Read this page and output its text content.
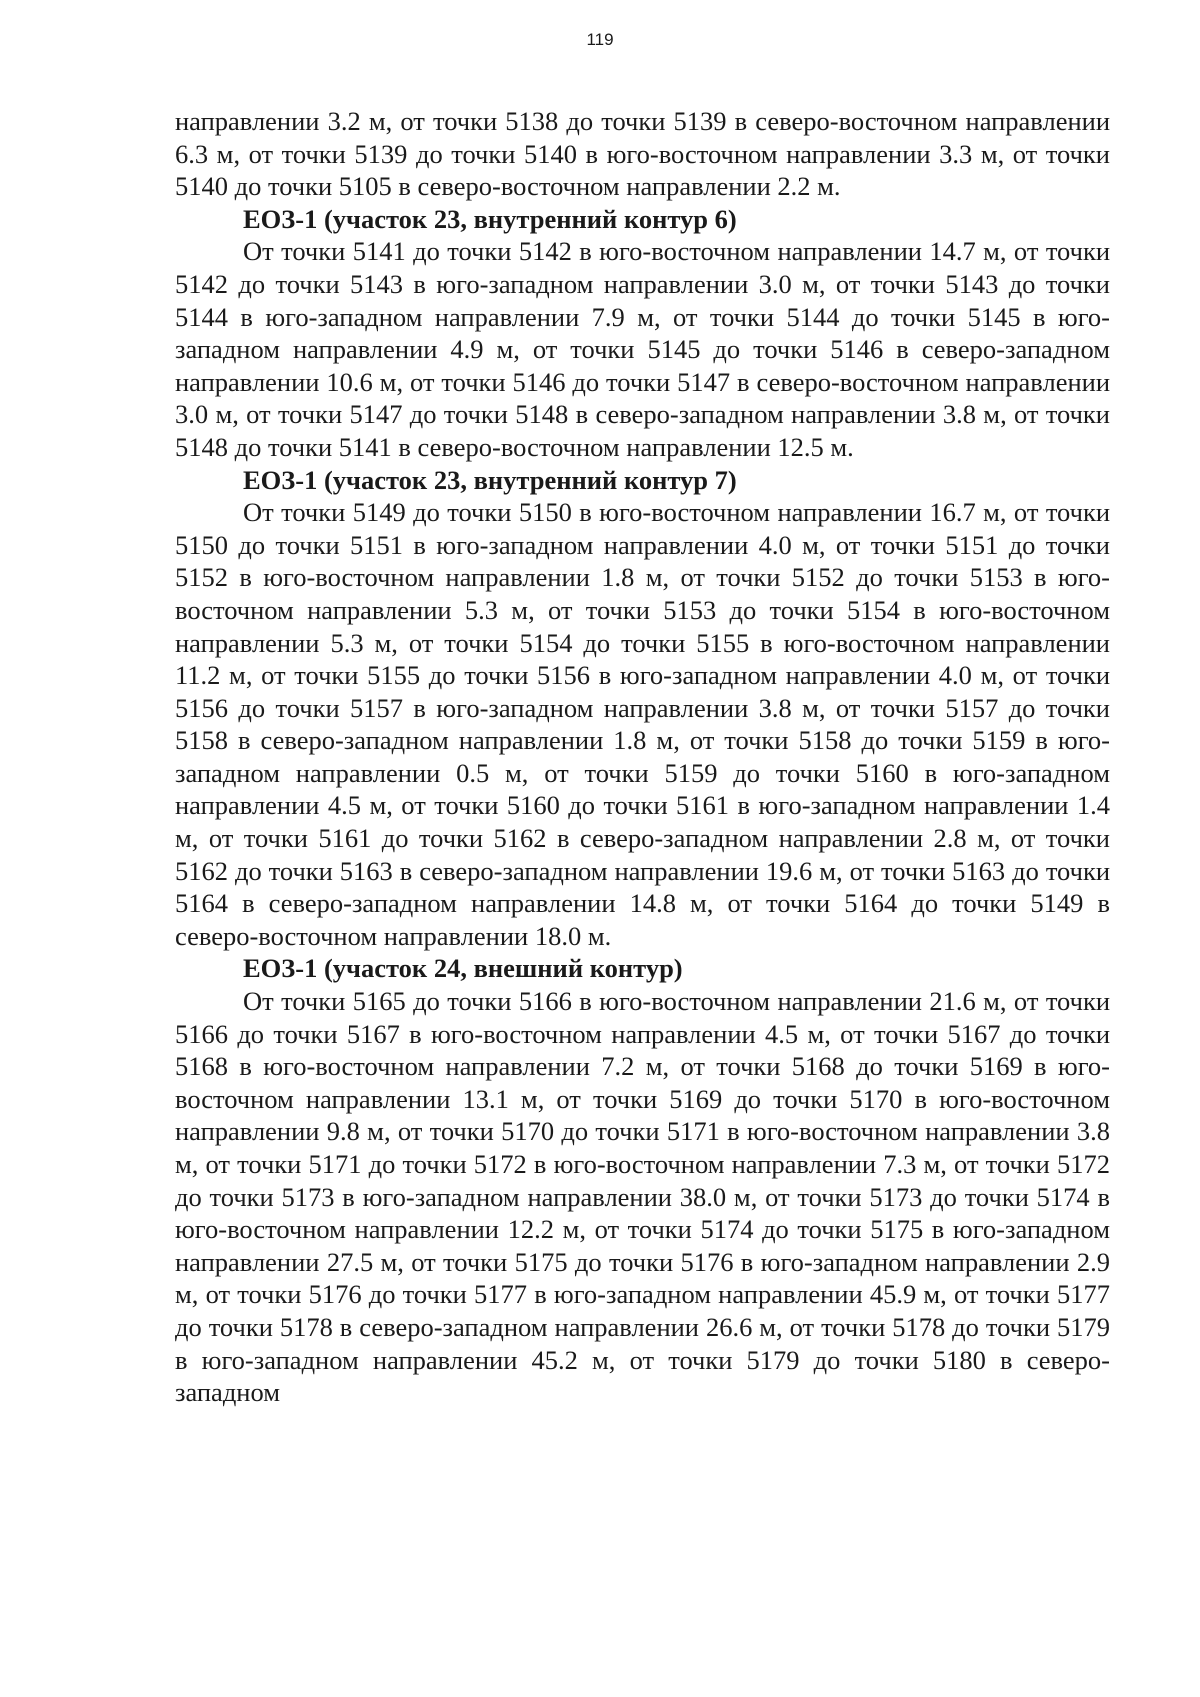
119

направлении 3.2 м, от точки 5138 до точки 5139 в северо-восточном направлении 6.3 м, от точки 5139 до точки 5140 в юго-восточном направлении 3.3 м, от точки 5140 до точки 5105 в северо-восточном направлении 2.2 м.

ЕОЗ-1 (участок 23, внутренний контур 6)

От точки 5141 до точки 5142 в юго-восточном направлении 14.7 м, от точки 5142 до точки 5143 в юго-западном направлении 3.0 м, от точки 5143 до точки 5144 в юго-западном направлении 7.9 м, от точки 5144 до точки 5145 в юго-западном направлении 4.9 м, от точки 5145 до точки 5146 в северо-западном направлении 10.6 м, от точки 5146 до точки 5147 в северо-восточном направлении 3.0 м, от точки 5147 до точки 5148 в северо-западном направлении 3.8 м, от точки 5148 до точки 5141 в северо-восточном направлении 12.5 м.

ЕОЗ-1 (участок 23, внутренний контур 7)

От точки 5149 до точки 5150 в юго-восточном направлении 16.7 м, от точки 5150 до точки 5151 в юго-западном направлении 4.0 м, от точки 5151 до точки 5152 в юго-восточном направлении 1.8 м, от точки 5152 до точки 5153 в юго-восточном направлении 5.3 м, от точки 5153 до точки 5154 в юго-восточном направлении 5.3 м, от точки 5154 до точки 5155 в юго-восточном направлении 11.2 м, от точки 5155 до точки 5156 в юго-западном направлении 4.0 м, от точки 5156 до точки 5157 в юго-западном направлении 3.8 м, от точки 5157 до точки 5158 в северо-западном направлении 1.8 м, от точки 5158 до точки 5159 в юго-западном направлении 0.5 м, от точки 5159 до точки 5160 в юго-западном направлении 4.5 м, от точки 5160 до точки 5161 в юго-западном направлении 1.4 м, от точки 5161 до точки 5162 в северо-западном направлении 2.8 м, от точки 5162 до точки 5163 в северо-западном направлении 19.6 м, от точки 5163 до точки 5164 в северо-западном направлении 14.8 м, от точки 5164 до точки 5149 в северо-восточном направлении 18.0 м.

ЕОЗ-1 (участок 24, внешний контур)

От точки 5165 до точки 5166 в юго-восточном направлении 21.6 м, от точки 5166 до точки 5167 в юго-восточном направлении 4.5 м, от точки 5167 до точки 5168 в юго-восточном направлении 7.2 м, от точки 5168 до точки 5169 в юго-восточном направлении 13.1 м, от точки 5169 до точки 5170 в юго-восточном направлении 9.8 м, от точки 5170 до точки 5171 в юго-восточном направлении 3.8 м, от точки 5171 до точки 5172 в юго-восточном направлении 7.3 м, от точки 5172 до точки 5173 в юго-западном направлении 38.0 м, от точки 5173 до точки 5174 в юго-восточном направлении 12.2 м, от точки 5174 до точки 5175 в юго-западном направлении 27.5 м, от точки 5175 до точки 5176 в юго-западном направлении 2.9 м, от точки 5176 до точки 5177 в юго-западном направлении 45.9 м, от точки 5177 до точки 5178 в северо-западном направлении 26.6 м, от точки 5178 до точки 5179 в юго-западном направлении 45.2 м, от точки 5179 до точки 5180 в северо-западном
